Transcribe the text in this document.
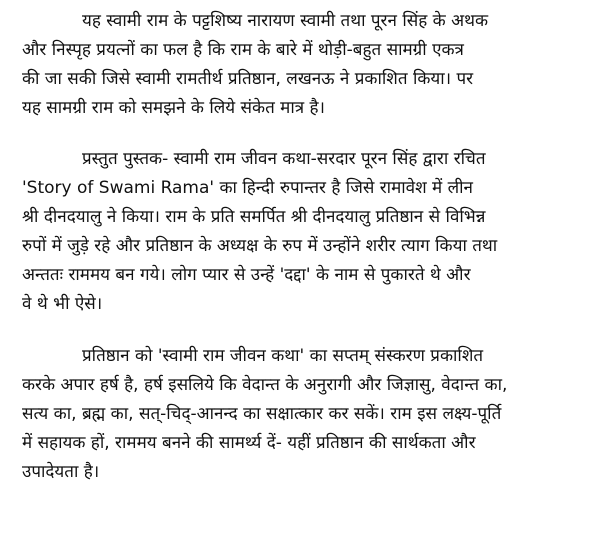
यह स्वामी राम के पट्टशिष्य नारायण स्वामी तथा पूरन सिंह के अथक
और निस्पृह प्रयत्नों का फल है कि राम के बारे में थोड़ी-बहुत सामग्री एकत्र
की जा सकी जिसे स्वामी रामतीर्थ प्रतिष्ठान, लखनऊ ने प्रकाशित किया। पर
यह सामग्री राम को समझने के लिये संकेत मात्र है।
प्रस्तुत पुस्तक- स्वामी राम जीवन कथा-सरदार पूरन सिंह द्वारा रचित
'Story of Swami Rama' का हिन्दी रुपान्तर है जिसे रामावेश में लीन
श्री दीनदयालु ने किया। राम के प्रति समर्पित श्री दीनदयालु प्रतिष्ठान से विभिन्न
रुपों में जुड़े रहे और प्रतिष्ठान के अध्यक्ष के रुप में उन्होंने शरीर त्याग किया तथा
अन्ततः राममय बन गये। लोग प्यार से उन्हें 'दद्दा' के नाम से पुकारते थे और
वे थे भी ऐसे।
प्रतिष्ठान को 'स्वामी राम जीवन कथा' का सप्तम् संस्करण प्रकाशित
करके अपार हर्ष है, हर्ष इसलिये कि वेदान्त के अनुरागी और जिज्ञासु, वेदान्त का,
सत्य का, ब्रह्म का, सत्-चिद्-आनन्द का सक्षात्कार कर सकें। राम इस लक्ष्य-पूर्ति
में सहायक हों, राममय बनने की सामर्थ्य दें- यहीं प्रतिष्ठान की सार्थकता और
उपादेयता है।
